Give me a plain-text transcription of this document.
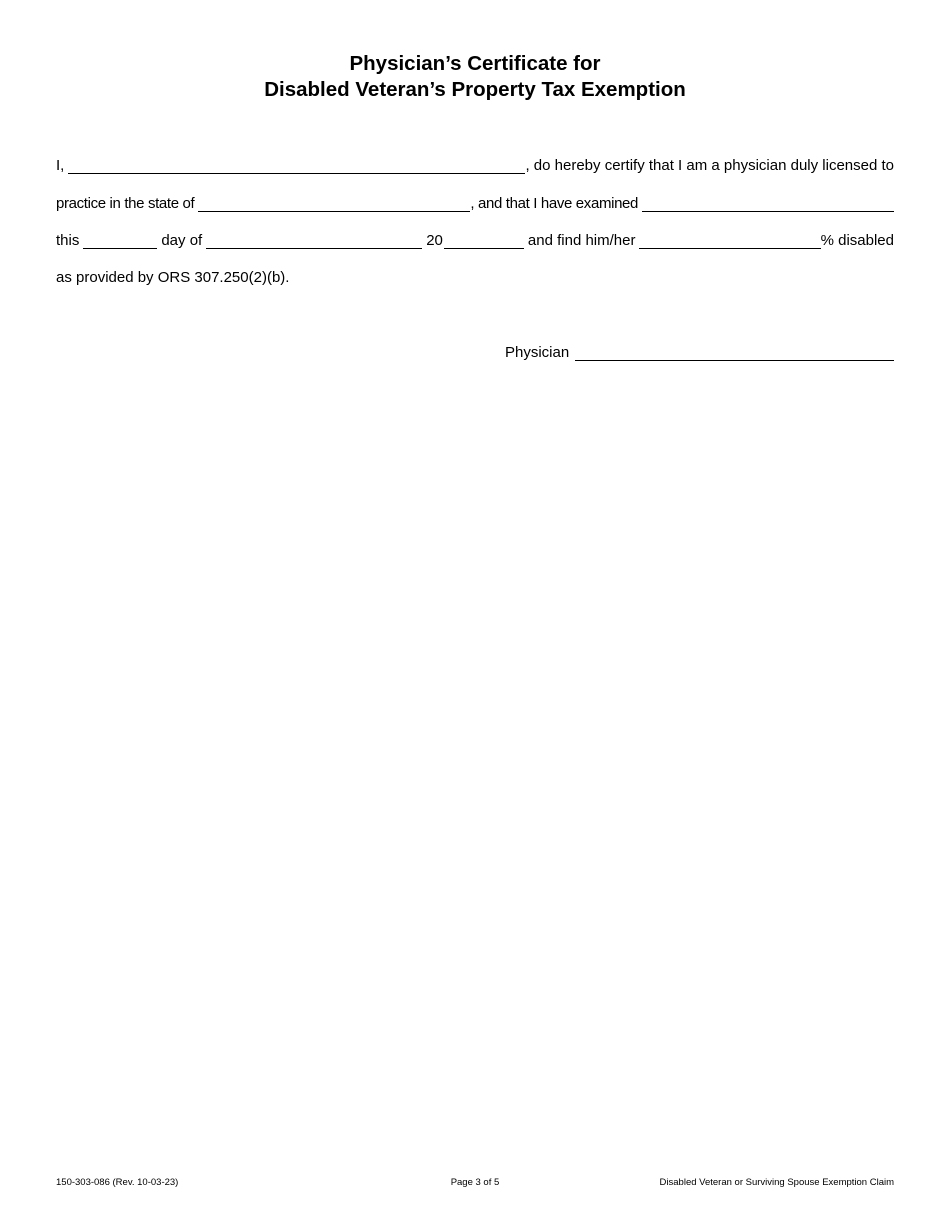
Physician’s Certificate for
Disabled Veteran’s Property Tax Exemption
I,	, do hereby certify that I am a physician duly licensed to
practice in the state of	, and that I have examined
this	day of	20	and find him/her	% disabled
as provided by ORS 307.250(2)(b).
Physician
150-303-086 (Rev. 10-03-23)	Page 3 of 5	Disabled Veteran or Surviving Spouse Exemption Claim
